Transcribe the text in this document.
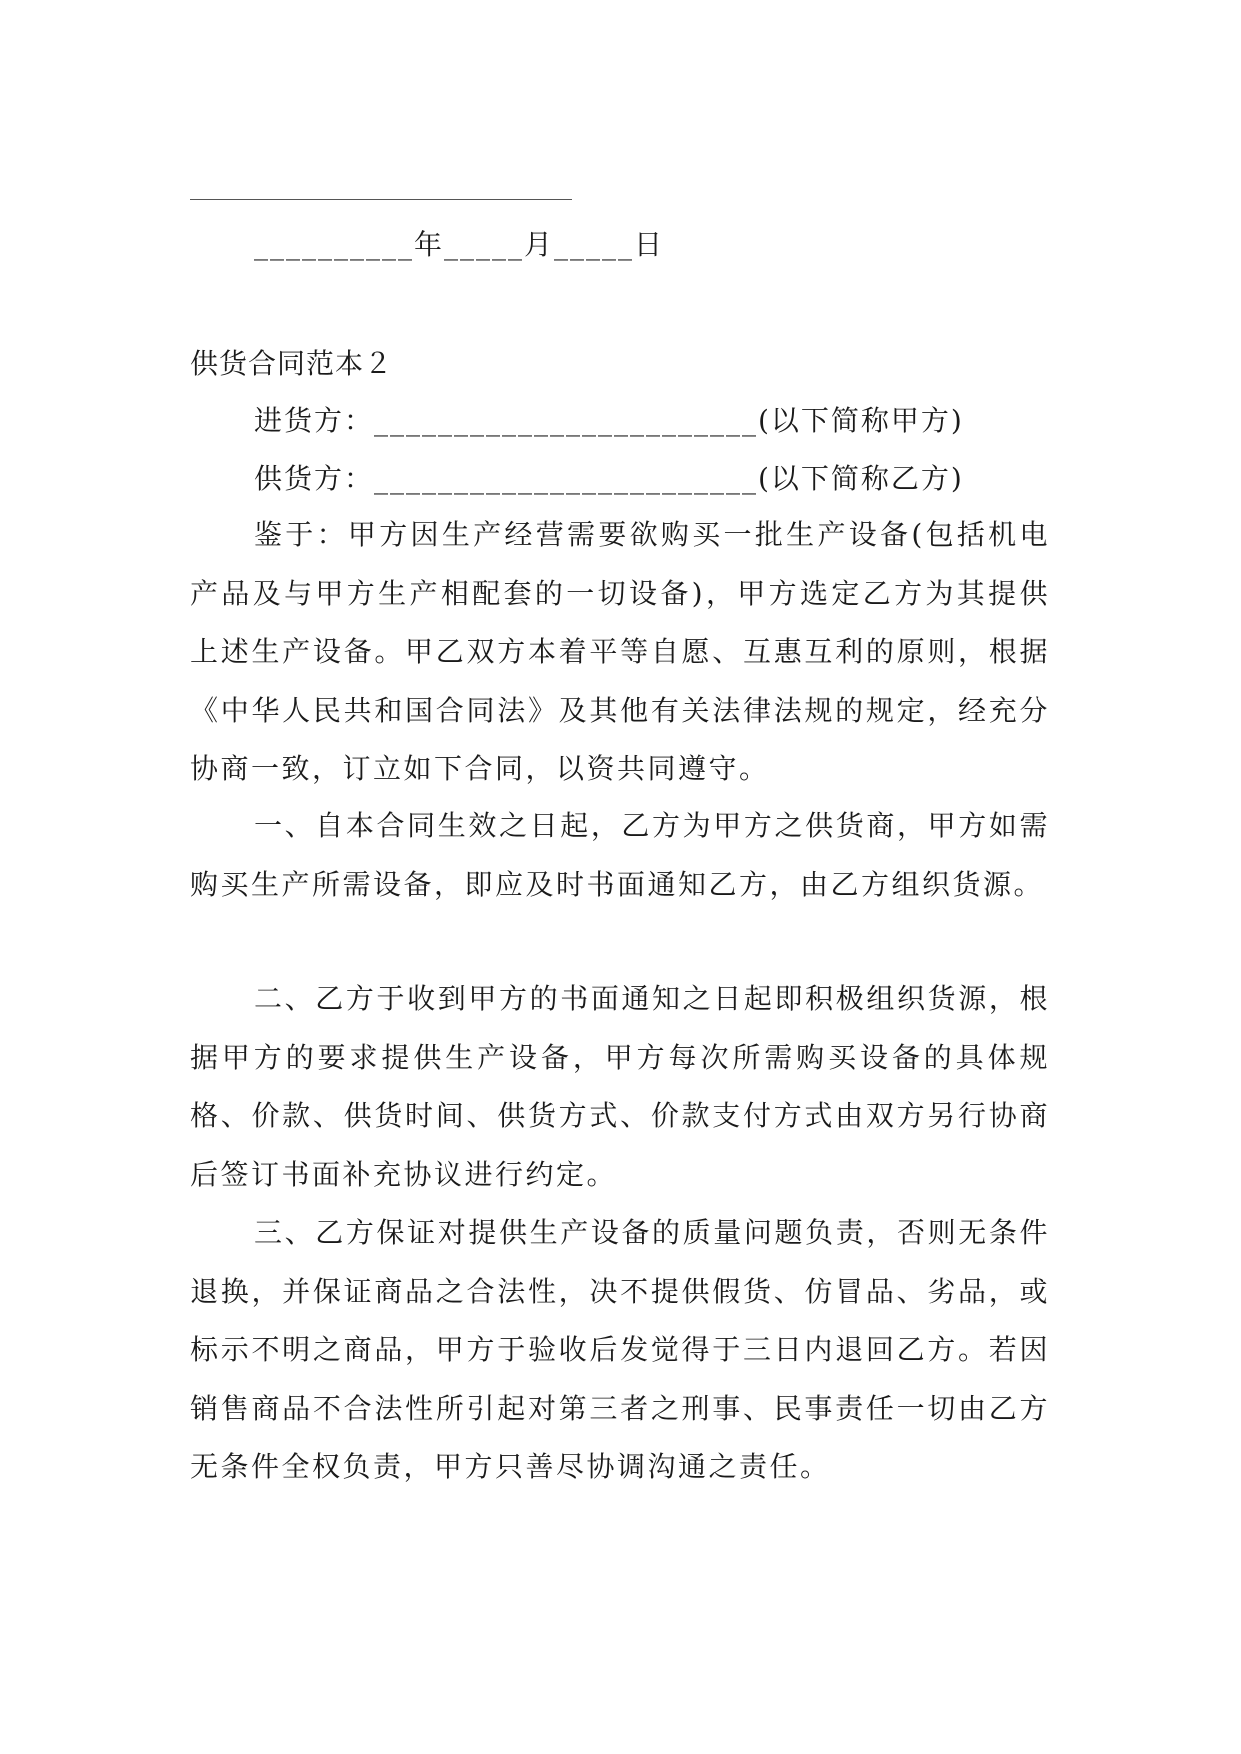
__________年_____月_____日
供货合同范本２
进货方：________________________(以下简称甲方)
供货方：________________________(以下简称乙方)

鉴于：甲方因生产经营需要欲购买一批生产设备(包括机电产品及与甲方生产相配套的一切设备)，甲方选定乙方为其提供上述生产设备。甲乙双方本着平等自愿、互惠互利的原则，根据《中华人民共和国合同法》及其他有关法律法规的规定，经充分协商一致，订立如下合同，以资共同遵守。

一、自本合同生效之日起，乙方为甲方之供货商，甲方如需购买生产所需设备，即应及时书面通知乙方，由乙方组织货源。

二、乙方于收到甲方的书面通知之日起即积极组织货源，根据甲方的要求提供生产设备，甲方每次所需购买设备的具体规格、价款、供货时间、供货方式、价款支付方式由双方另行协商后签订书面补充协议进行约定。

三、乙方保证对提供生产设备的质量问题负责，否则无条件退换，并保证商品之合法性，决不提供假货、仿冒品、劣品，或标示不明之商品，甲方于验收后发觉得于三日内退回乙方。若因销售商品不合法性所引起对第三者之刑事、民事责任一切由乙方无条件全权负责，甲方只善尽协调沟通之责任。
